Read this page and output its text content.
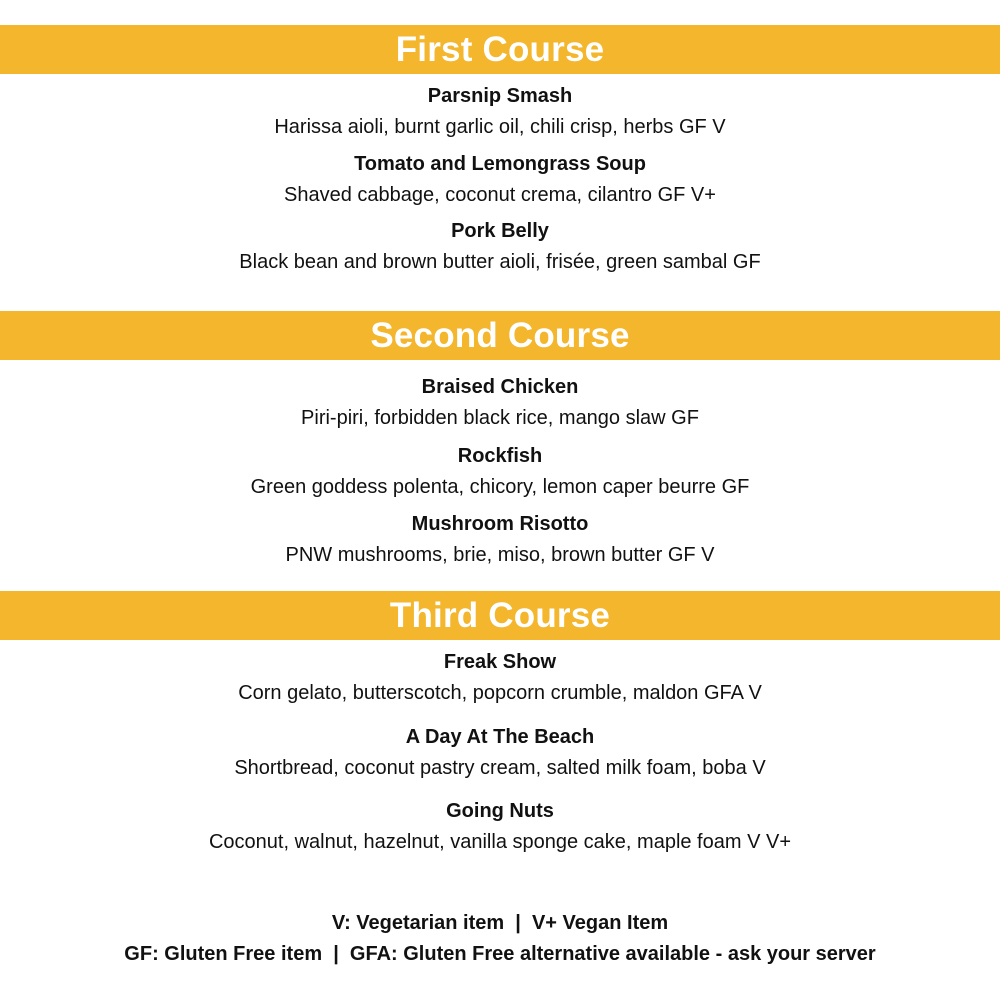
First Course
Parsnip Smash
Harissa aioli, burnt garlic oil, chili crisp, herbs GF V
Tomato and Lemongrass Soup
Shaved cabbage, coconut crema, cilantro GF V+
Pork Belly
Black bean and brown butter aioli, frisée, green sambal GF
Second Course
Braised Chicken
Piri-piri, forbidden black rice, mango slaw GF
Rockfish
Green goddess polenta, chicory, lemon caper beurre GF
Mushroom Risotto
PNW mushrooms, brie, miso, brown butter GF V
Third Course
Freak Show
Corn gelato, butterscotch, popcorn crumble, maldon GFA V
A Day At The Beach
Shortbread, coconut pastry cream, salted milk foam, boba V
Going Nuts
Coconut, walnut, hazelnut, vanilla sponge cake, maple foam V V+
V: Vegetarian item  |  V+ Vegan Item
GF: Gluten Free item  |  GFA: Gluten Free alternative available - ask your server
